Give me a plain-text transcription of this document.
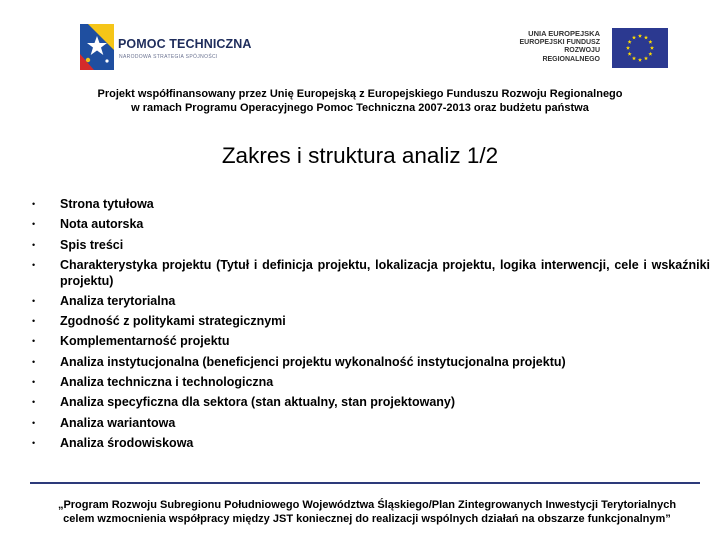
POMOC TECHNICZNA
NARODOWA STRATEGIA SPÓJNOŚCI
UNIA EUROPEJSKA
EUROPEJSKI FUNDUSZ ROZWOJU REGIONALNEGO
Projekt współfinansowany przez Unię Europejską z Europejskiego Funduszu Rozwoju Regionalnego
w ramach Programu Operacyjnego Pomoc Techniczna 2007-2013 oraz budżetu państwa
Zakres i struktura analiz 1/2
• Strona tytułowa
• Nota autorska
• Spis treści
• Charakterystyka projektu (Tytuł i definicja projektu, lokalizacja projektu, logika interwencji, cele i wskaźniki projektu)
• Analiza terytorialna
• Zgodność z politykami strategicznymi
• Komplementarność projektu
• Analiza instytucjonalna (beneficjenci projektu wykonalność instytucjonalna projektu)
• Analiza techniczna i technologiczna
• Analiza specyficzna dla sektora (stan aktualny, stan projektowany)
• Analiza wariantowa
• Analiza środowiskowa
„Program Rozwoju Subregionu Południowego Województwa Śląskiego/Plan Zintegrowanych Inwestycji Terytorialnych
celem wzmocnienia współpracy między JST koniecznej do realizacji wspólnych działań na obszarze funkcjonalnym”
